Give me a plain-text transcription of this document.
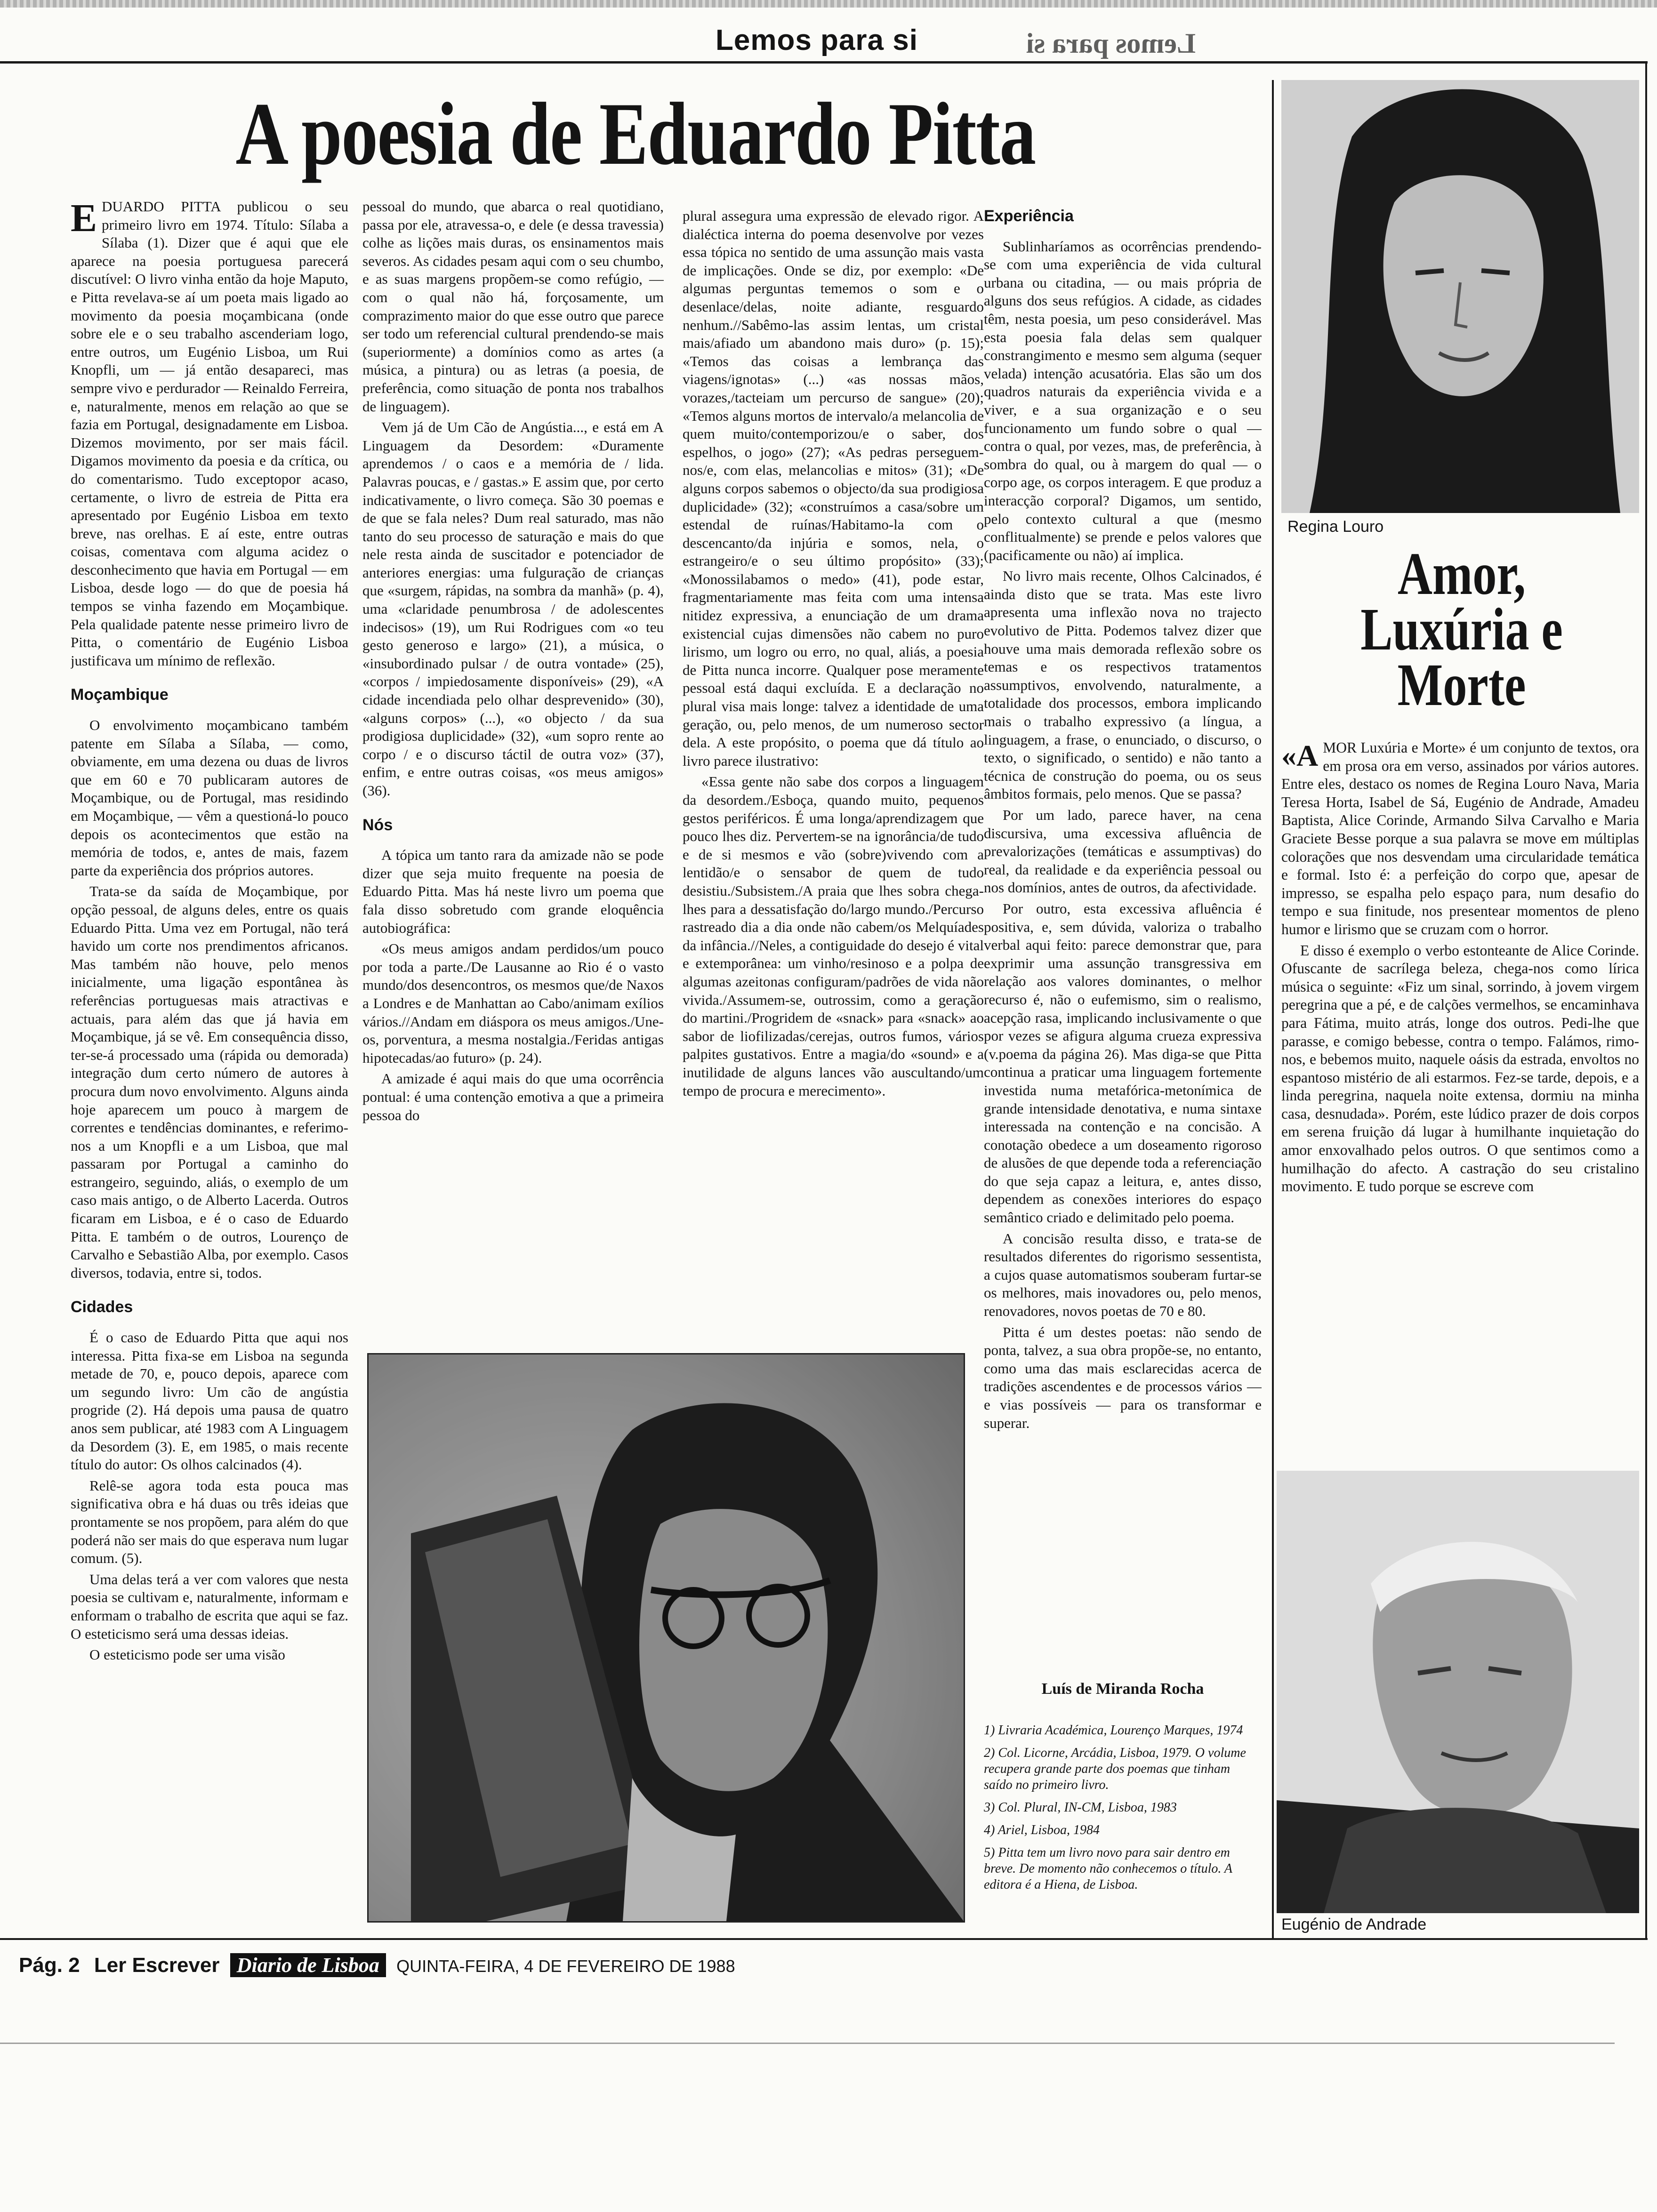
Lemos para si	Lemos para si
A poesia de Eduardo Pitta

EDUARDO PITTA publicou o seu primeiro livro em 1974. Título: Sílaba a Sílaba (1). Dizer que é aqui que ele aparece na poesia portuguesa parecerá discutível: O livro vinha então da hoje Maputo, e Pitta revelava-se aí um poeta mais ligado ao movimento da poesia moçambicana (onde sobre ele e o seu trabalho ascenderiam logo, entre outros, um Eugénio Lisboa, um Rui Knopfli, um — já então desapareci, mas sempre vivo e perdurador — Reinaldo Ferreira, e, naturalmente, menos em relação ao que se fazia em Portugal, designadamente em Lisboa. Dizemos movimento, por ser mais fácil. Digamos movimento da poesia e da crítica, ou do comentarismo. Tudo exceptopor acaso, certamente, o livro de estreia de Pitta era apresentado por Eugénio Lisboa em texto breve, nas orelhas. E aí este, entre outras coisas, comentava com alguma acidez o desconhecimento que havia em Portugal — em Lisboa, desde logo — do que de poesia há tempos se vinha fazendo em Moçambique. Pela qualidade patente nesse primeiro livro de Pitta, o comentário de Eugénio Lisboa justificava um mínimo de reflexão.

Moçambique

O envolvimento moçambicano também patente em Sílaba a Sílaba, — como, obviamente, em uma dezena ou duas de livros que em 60 e 70 publicaram autores de Moçambique, ou de Portugal, mas residindo em Moçambique, — vêm a questioná-lo pouco depois os acontecimentos que estão na memória de todos, e, antes de mais, fazem parte da experiência dos próprios autores.

Trata-se da saída de Moçambique, por opção pessoal, de alguns deles, entre os quais Eduardo Pitta. Uma vez em Portugal, não terá havido um corte nos prendimentos africanos. Mas também não houve, pelo menos inicialmente, uma ligação espontânea às referências portuguesas mais atractivas e actuais, para além das que já havia em Moçambique, já se vê. Em consequência disso, ter-se-á processado uma (rápida ou demorada) integração dum certo número de autores à procura dum novo envolvimento. Alguns ainda hoje aparecem um pouco à margem de correntes e tendências dominantes, e referimo-nos a um Knopfli e a um Lisboa, que mal passaram por Portugal a caminho do estrangeiro, seguindo, aliás, o exemplo de um caso mais antigo, o de Alberto Lacerda. Outros ficaram em Lisboa, e é o caso de Eduardo Pitta. E também o de outros, Lourenço de Carvalho e Sebastião Alba, por exemplo. Casos diversos, todavia, entre si, todos.

Cidades

É o caso de Eduardo Pitta que aqui nos interessa. Pitta fixa-se em Lisboa na segunda metade de 70, e, pouco depois, aparece com um segundo livro: Um cão de angústia progride (2). Há depois uma pausa de quatro anos sem publicar, até 1983 com A Linguagem da Desordem (3). E, em 1985, o mais recente título do autor: Os olhos calcinados (4).

Relê-se agora toda esta pouca mas significativa obra e há duas ou três ideias que prontamente se nos propõem, para além do que poderá não ser mais do que esperava num lugar comum. (5).

Uma delas terá a ver com valores que nesta poesia se cultivam e, naturalmente, informam e enformam o trabalho de escrita que aqui se faz. O esteticismo será uma dessas ideias.

O esteticismo pode ser uma visão

pessoal do mundo, que abarca o real quotidiano, passa por ele, atravessa-o, e dele (e dessa travessia) colhe as lições mais duras, os ensinamentos mais severos. As cidades pesam aqui com o seu chumbo, e as suas margens propõem-se como refúgio, — com o qual não há, forçosamente, um comprazimento maior do que esse outro que parece ser todo um referencial cultural prendendo-se mais (superiormente) a domínios como as artes (a música, a pintura) ou as letras (a poesia, de preferência, como situação de ponta nos trabalhos de linguagem).

Vem já de Um Cão de Angústia..., e está em A Linguagem da Desordem: «Duramente aprendemos / o caos e a memória de / lida. Palavras poucas, e / gastas.» E assim que, por certo indicativamente, o livro começa. São 30 poemas e de que se fala neles? Dum real saturado, mas não tanto do seu processo de saturação e mais do que nele resta ainda de suscitador e potenciador de anteriores energias: uma fulguração de crianças que «surgem, rápidas, na sombra da manhã» (p. 4), uma «claridade penumbrosa / de adolescentes indecisos» (19), um Rui Rodrigues com «o teu gesto generoso e largo» (21), a música, o «insubordinado pulsar / de outra vontade» (25), «corpos / impiedosamente disponíveis» (29), «A cidade incendiada pelo olhar desprevenido» (30), «alguns corpos» (...), «o objecto / da sua prodigiosa duplicidade» (32), «um sopro rente ao corpo / e o discurso táctil de outra voz» (37), enfim, e entre outras coisas, «os meus amigos» (36).

Nós

A tópica um tanto rara da amizade não se pode dizer que seja muito frequente na poesia de Eduardo Pitta. Mas há neste livro um poema que fala disso sobretudo com grande eloquência autobiográfica:

«Os meus amigos andam perdidos/um pouco por toda a parte./De Lausanne ao Rio é o vasto mundo/dos desencontros, os mesmos que/de Naxos a Londres e de Manhattan ao Cabo/animam exílios vários.//Andam em diáspora os meus amigos./Une-os, porventura, a mesma nostalgia./Feridas antigas hipotecadas/ao futuro» (p. 24).

A amizade é aqui mais do que uma ocorrência pontual: é uma contenção emotiva a que a primeira pessoa do

plural assegura uma expressão de elevado rigor. A dialéctica interna do poema desenvolve por vezes essa tópica no sentido de uma assunção mais vasta de implicações. Onde se diz, por exemplo: «De algumas perguntas tememos o som e o desenlace/delas, noite adiante, resguardo nenhum.//Sabêmo-las assim lentas, um cristal mais/afiado um abandono mais duro» (p. 15); «Temos das coisas a lembrança das viagens/ignotas» (...) «as nossas mãos, vorazes,/tacteiam um percurso de sangue» (20); «Temos alguns mortos de intervalo/a melancolia de quem muito/contemporizou/e o saber, dos espelhos, o jogo» (27); «As pedras perseguem-nos/e, com elas, melancolias e mitos» (31); «De alguns corpos sabemos o objecto/da sua prodigiosa duplicidade» (32); «construímos a casa/sobre um estendal de ruínas/Habitamo-la com o descencanto/da injúria e somos, nela, o estrangeiro/e o seu último propósito» (33); «Monossilabamos o medo» (41), pode estar, fragmentariamente mas feita com uma intensa nitidez expressiva, a enunciação de um drama existencial cujas dimensões não cabem no puro lirismo, um logro ou erro, no qual, aliás, a poesia de Pitta nunca incorre. Qualquer pose meramente pessoal está daqui excluída. E a declaração no plural visa mais longe: talvez a identidade de uma geração, ou, pelo menos, de um numeroso sector dela. A este propósito, o poema que dá título ao livro parece ilustrativo:

«Essa gente não sabe dos corpos a linguagem da desordem./Esboça, quando muito, pequenos gestos periféricos. É uma longa/aprendizagem que pouco lhes diz. Pervertem-se na ignorância/de tudo e de si mesmos e vão (sobre)vivendo com a lentidão/e o sensabor de quem de tudo desistiu./Subsistem./A praia que lhes sobra chega-lhes para a dessatisfação do/largo mundo./Percurso rastreado dia a dia onde não cabem/os Melquíades da infância.//Neles, a contiguidade do desejo é vital e extemporânea: um vinho/resinoso e a polpa de algumas azeitonas configuram/padrões de vida não vivida./Assumem-se, outrossim, como a geração do martini./Progridem de «snack» para «snack» ao sabor de liofilizadas/cerejas, outros fumos, vários palpites gustativos. Entre a magia/do «sound» e a inutilidade de alguns lances vão auscultando/um tempo de procura e merecimento».

Experiência

Sublinharíamos as ocorrências prendendo-se com uma experiência de vida cultural urbana ou citadina, — ou mais própria de alguns dos seus refúgios. A cidade, as cidades têm, nesta poesia, um peso considerável. Mas esta poesia fala delas sem qualquer constrangimento e mesmo sem alguma (sequer velada) intenção acusatória. Elas são um dos quadros naturais da experiência vivida e a viver, e a sua organização e o seu funcionamento um fundo sobre o qual — contra o qual, por vezes, mas, de preferência, à sombra do qual, ou à margem do qual — o corpo age, os corpos interagem. E que produz a interacção corporal? Digamos, um sentido, pelo contexto cultural a que (mesmo conflitualmente) se prende e pelos valores que (pacificamente ou não) aí implica.

No livro mais recente, Olhos Calcinados, é ainda disto que se trata. Mas este livro apresenta uma inflexão nova no trajecto evolutivo de Pitta. Podemos talvez dizer que houve uma mais demorada reflexão sobre os temas e os respectivos tratamentos assumptivos, envolvendo, naturalmente, a totalidade dos processos, embora implicando mais o trabalho expressivo (a língua, a linguagem, a frase, o enunciado, o discurso, o texto, o significado, o sentido) e não tanto a técnica de construção do poema, ou os seus âmbitos formais, pelo menos. Que se passa?

Por um lado, parece haver, na cena discursiva, uma excessiva afluência de prevalorizações (temáticas e assumptivas) do real, da realidade e da experiência pessoal ou nos domínios, antes de outros, da afectividade.

Por outro, esta excessiva afluência é positiva, e, sem dúvida, valoriza o trabalho verbal aqui feito: parece demonstrar que, para exprimir uma assunção transgressiva em relação aos valores dominantes, o melhor recurso é, não o eufemismo, sim o realismo, acepção rasa, implicando inclusivamente o que por vezes se afigura alguma crueza expressiva (v.poema da página 26). Mas diga-se que Pitta continua a praticar uma linguagem fortemente investida numa metafórica-metonímica de grande intensidade denotativa, e numa sintaxe interessada na contenção e na concisão. A conotação obedece a um doseamento rigoroso de alusões de que depende toda a referenciação do que seja capaz a leitura, e, antes disso, dependem as conexões interiores do espaço semântico criado e delimitado pelo poema.

A concisão resulta disso, e trata-se de resultados diferentes do rigorismo sessentista, a cujos quase automatismos souberam furtar-se os melhores, mais inovadores ou, pelo menos, renovadores, novos poetas de 70 e 80.

Pitta é um destes poetas: não sendo de ponta, talvez, a sua obra propõe-se, no entanto, como uma das mais esclarecidas acerca de tradições ascendentes e de processos vários — e vias possíveis — para os transformar e superar.

Luís de Miranda Rocha

1) Livraria Académica, Lourenço Marques, 1974

2) Col. Licorne, Arcádia, Lisboa, 1979. O volume recupera grande parte dos poemas que tinham saído no primeiro livro.

3) Col. Plural, IN-CM, Lisboa, 1983

4) Ariel, Lisboa, 1984

5) Pitta tem um livro novo para sair dentro em breve. De momento não conhecemos o título. A editora é a Hiena, de Lisboa.

Regina Louro
Amor, Luxúria e Morte

«AMOR Luxúria e Morte» é um conjunto de textos, ora em prosa ora em verso, assinados por vários autores. Entre eles, destaco os nomes de Regina Louro Nava, Maria Teresa Horta, Isabel de Sá, Eugénio de Andrade, Amadeu Baptista, Alice Corinde, Armando Silva Carvalho e Maria Graciete Besse porque a sua palavra se move em múltiplas colorações que nos desvendam uma circularidade temática e formal. Isto é: a perfeição do corpo que, apesar de impresso, se espalha pelo espaço para, num desafio do tempo e sua finitude, nos presentear momentos de pleno humor e lirismo que se cruzam com o horror.

E disso é exemplo o verbo estonteante de Alice Corinde. Ofuscante de sacrílega beleza, chega-nos como lírica música o seguinte: «Fiz um sinal, sorrindo, à jovem virgem peregrina que a pé, e de calções vermelhos, se encaminhava para Fátima, muito atrás, longe dos outros. Pedi-lhe que parasse, e comigo bebesse, contra o tempo. Falámos, rimo-nos, e bebemos muito, naquele oásis da estrada, envoltos no espantoso mistério de ali estarmos. Fez-se tarde, depois, e a linda peregrina, naquela noite extensa, dormiu na minha casa, desnudada». Porém, este lúdico prazer de dois corpos em serena fruição dá lugar à humilhante inquietação do amor enxovalhado pelos outros. O que sentimos como a humilhação do afecto. A castração do seu cristalino movimento. E tudo porque se escreve com

Eugénio de Andrade
Pág. 2 Ler Escrever Diario de Lisboa QUINTA-FEIRA, 4 DE FEVEREIRO DE 1988
